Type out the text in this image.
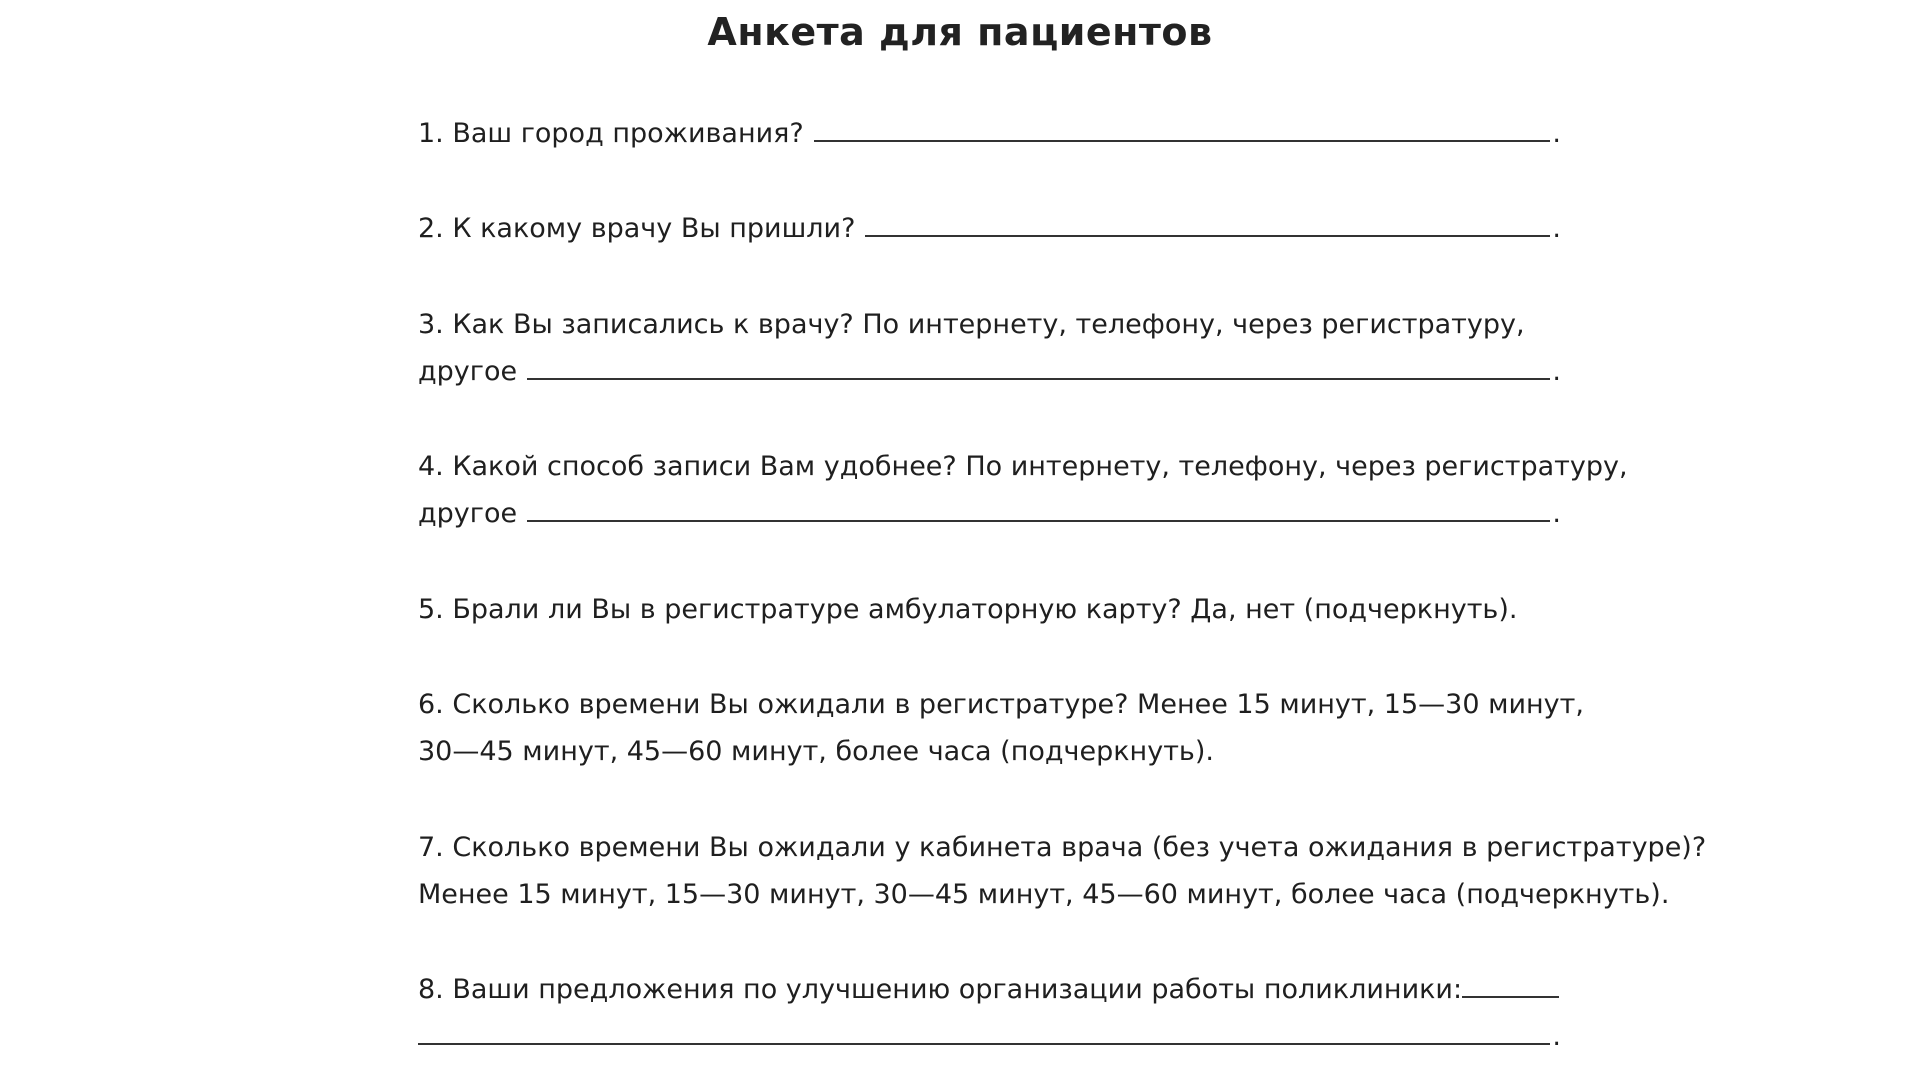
Анкета для пациентов
1. Ваш город проживания?	.
2. К какому врачу Вы пришли?	.
3. Как Вы записались к врачу? По интернету, телефону, через регистратуру,
другое	.
4. Какой способ записи Вам удобнее? По интернету, телефону, через регистратуру,
другое	.
5. Брали ли Вы в регистратуре амбулаторную карту? Да, нет (подчеркнуть).
6. Сколько времени Вы ожидали в регистратуре? Менее 15 минут, 15—30 минут,
30—45 минут, 45—60 минут, более часа (подчеркнуть).
7. Сколько времени Вы ожидали у кабинета врача (без учета ожидания в регистратуре)?
Менее 15 минут, 15—30 минут, 30—45 минут, 45—60 минут, более часа (подчеркнуть).
8. Ваши предложения по улучшению организации работы поликлиники:
.
